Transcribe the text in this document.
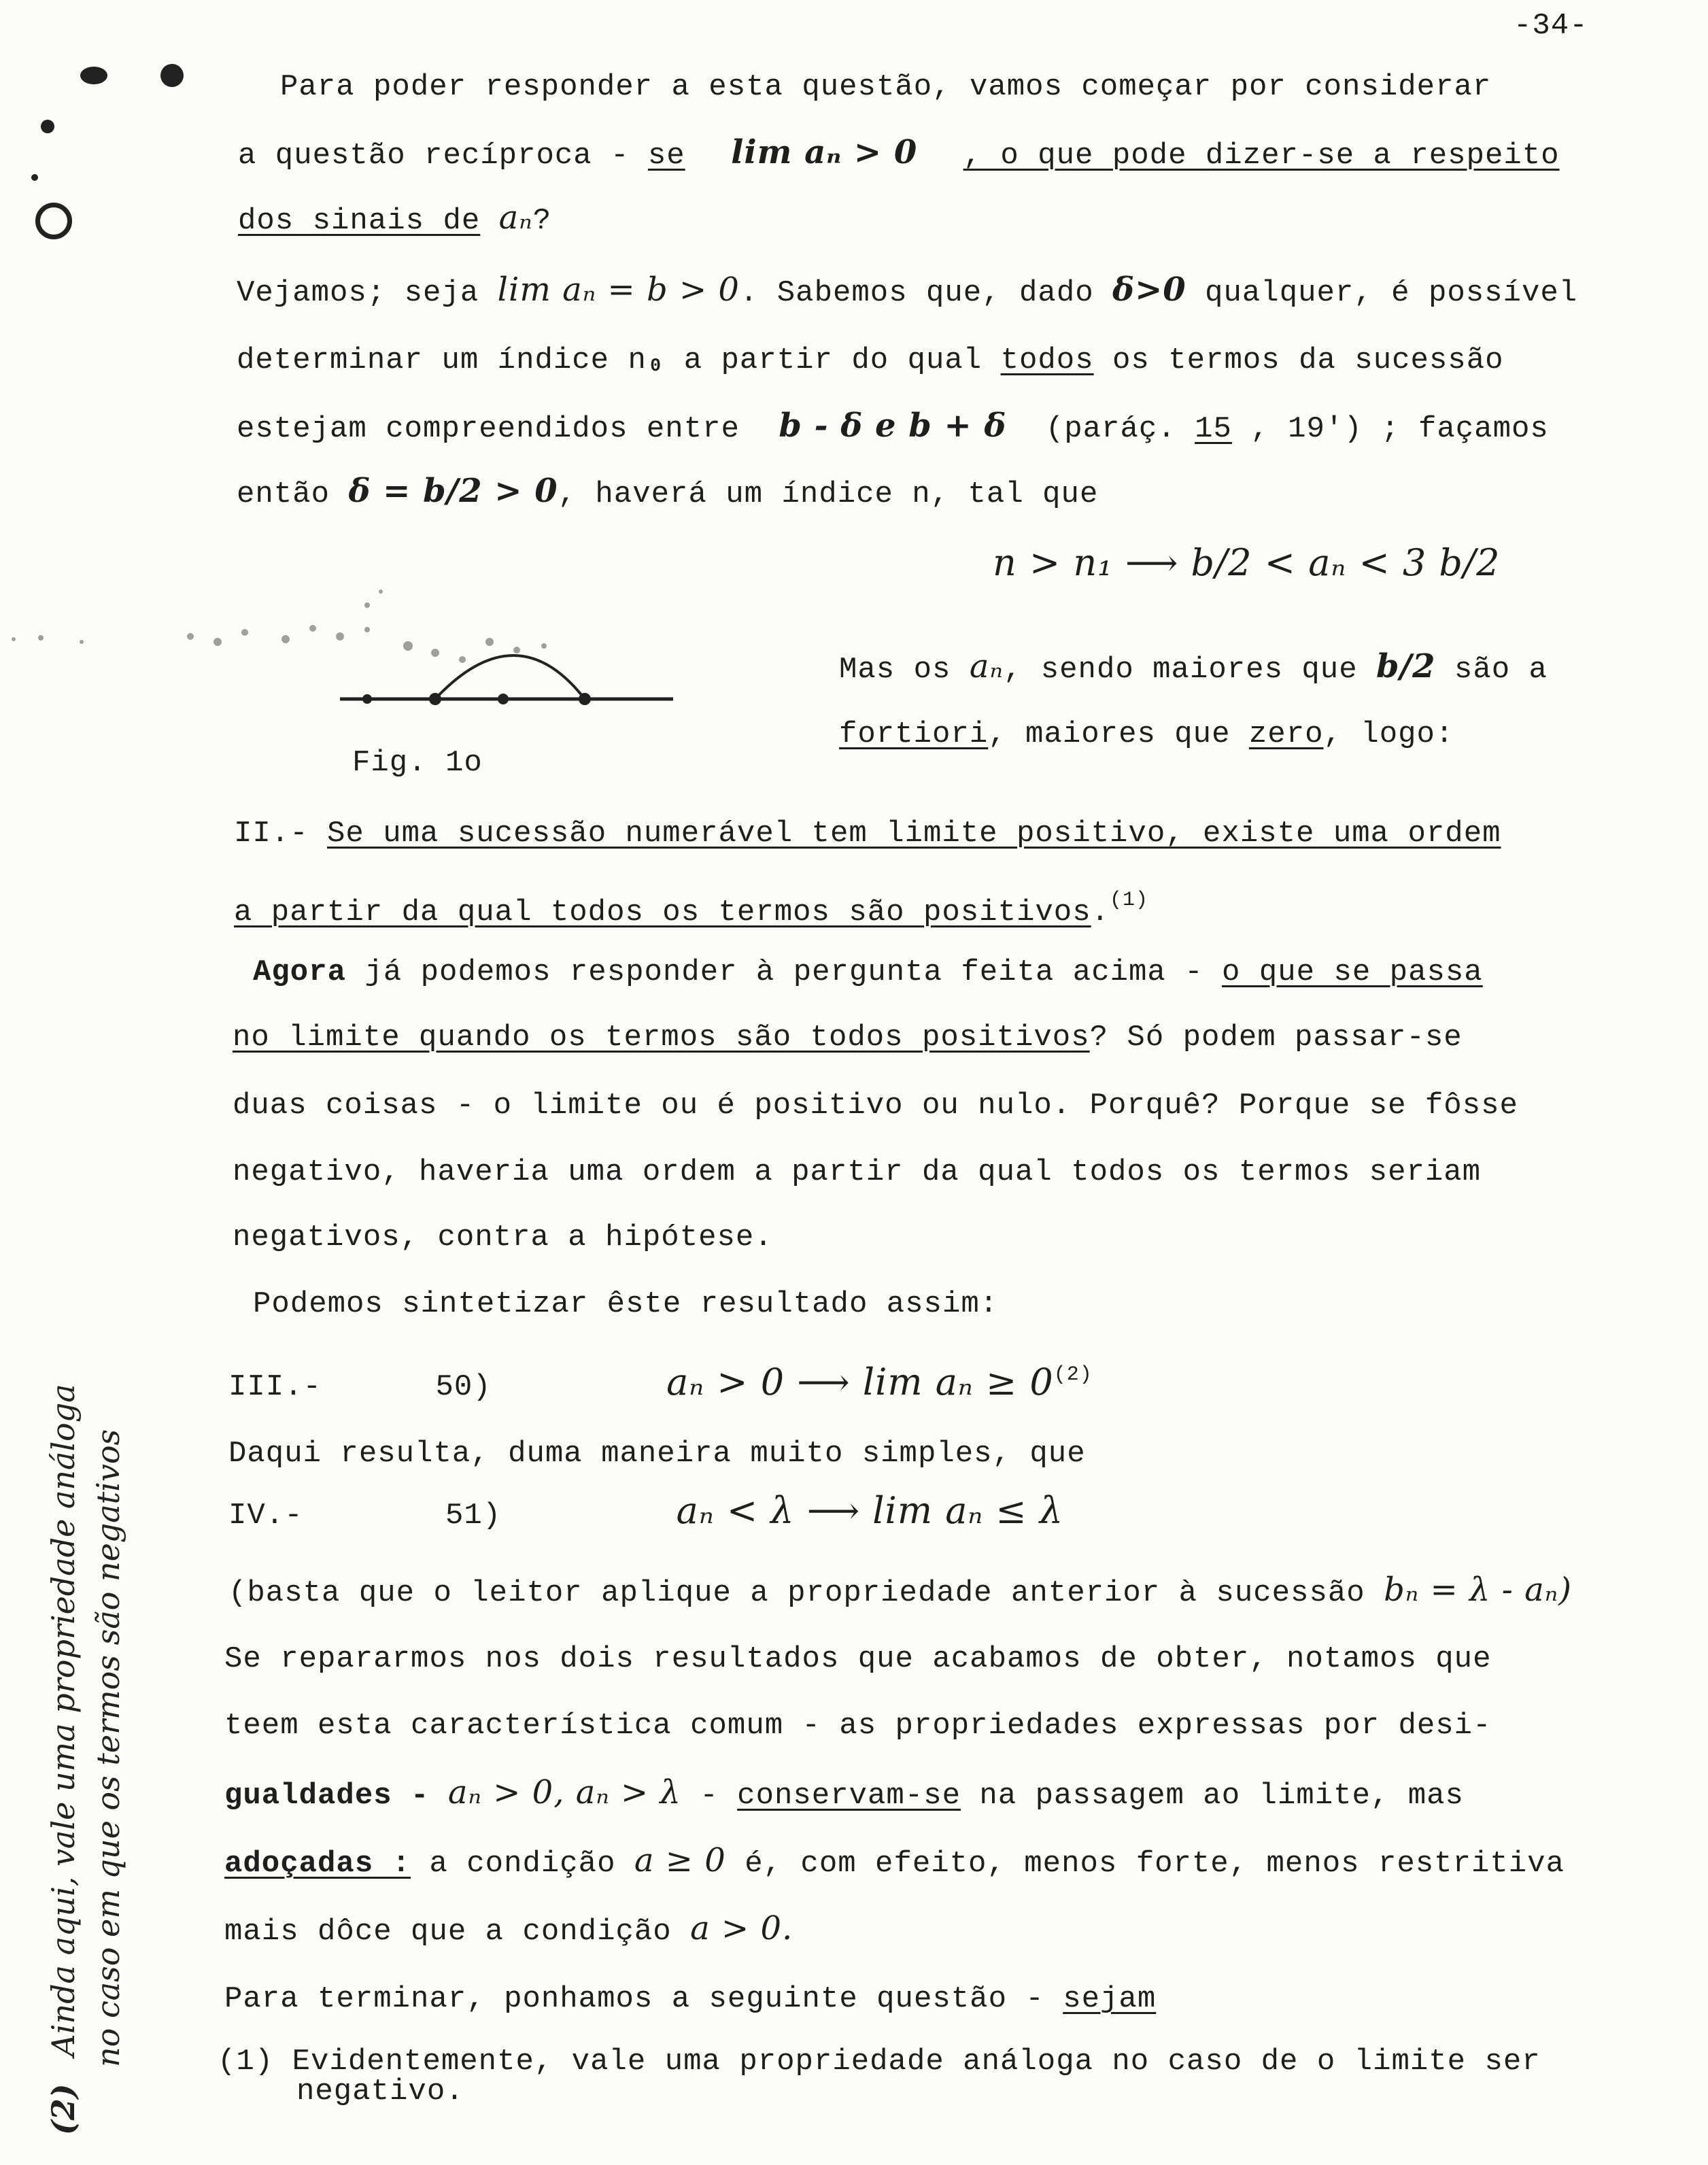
-34-
Para poder responder a esta questão, vamos começar por considerar
a questão recíproca - se lim aₙ > 0 , o que pode dizer-se a respeito
dos sinais de aₙ?
Vejamos; seja lim aₙ = b > 0. Sabemos que, dado δ>0 qualquer, é possível
determinar um índice n₀ a partir do qual todos os termos da sucessão
estejam compreendidos entre b - δ e b + δ (paráç. 15 , 19') ; façamos
então δ = b/2 > 0, haverá um índice n, tal que
n > n₁ ⟶ b/2 < aₙ < 3 b/2
Fig. 1o
Mas os aₙ, sendo maiores que b/2 são a
fortiori, maiores que zero, logo:
II.- Se uma sucessão numerável tem limite positivo, existe uma ordem
a partir da qual todos os termos são positivos.$^{(1)}$
Agora já podemos responder à pergunta feita acima - o que se passa
no limite quando os termos são todos positivos? Só podem passar-se
duas coisas - o limite ou é positivo ou nulo. Porquê? Porque se fôsse
negativo, haveria uma ordem a partir da qual todos os termos seriam
negativos, contra a hipótese.
Podemos sintetizar êste resultado assim:
III.-	50)	aₙ > 0 ⟶ $\lim a_n \ge 0^{(2)}$
Daqui resulta, duma maneira muito simples, que
IV.-	51)	aₙ < λ ⟶ lim aₙ ≤ λ
(basta que o leitor aplique a propriedade anterior à sucessão bₙ = λ - aₙ)
Se repararmos nos dois resultados que acabamos de obter, notamos que
teem esta característica comum - as propriedades expressas por desi-
gualdades - aₙ > 0, aₙ > λ - conservam-se na passagem ao limite, mas
adoçadas : a condição a ≥ 0 é, com efeito, menos forte, menos restritiva
mais dôce que a condição a > 0.
Para terminar, ponhamos a seguinte questão - sejam
(1) Evidentemente, vale uma propriedade análoga no caso de o limite ser
negativo.
(2)Ainda aqui, vale uma propriedade análoga no caso em que os termos são negativos
